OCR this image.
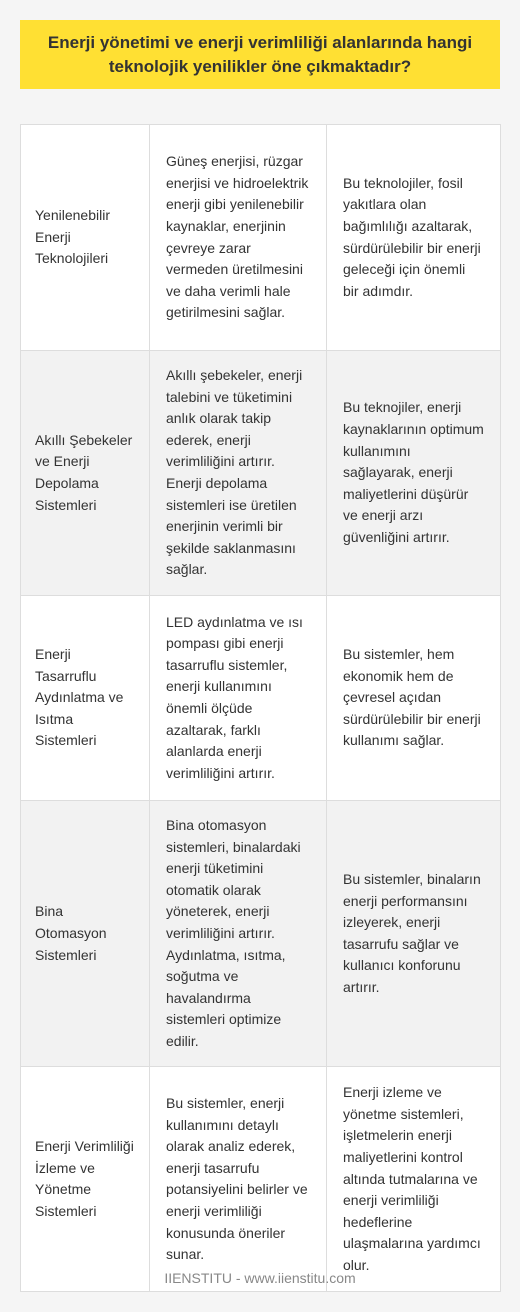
Enerji yönetimi ve enerji verimliliği alanlarında hangi teknolojik yenilikler öne çıkmaktadır?
Yenilenebilir Enerji Teknolojileri	Güneş enerjisi, rüzgar enerjisi ve hidroelektrik enerji gibi yenilenebilir kaynaklar, enerjinin çevreye zarar vermeden üretilmesini ve daha verimli hale getirilmesini sağlar.	Bu teknolojiler, fosil yakıtlara olan bağımlılığı azaltarak, sürdürülebilir bir enerji geleceği için önemli bir adımdır.
Akıllı Şebekeler ve Enerji Depolama Sistemleri	Akıllı şebekeler, enerji talebini ve tüketimini anlık olarak takip ederek, enerji verimliliğini artırır. Enerji depolama sistemleri ise üretilen enerjinin verimli bir şekilde saklanmasını sağlar.	Bu teknojiler, enerji kaynaklarının optimum kullanımını sağlayarak, enerji maliyetlerini düşürür ve enerji arzı güvenliğini artırır.
Enerji Tasarruflu Aydınlatma ve Isıtma Sistemleri	LED aydınlatma ve ısı pompası gibi enerji tasarruflu sistemler, enerji kullanımını önemli ölçüde azaltarak, farklı alanlarda enerji verimliliğini artırır.	Bu sistemler, hem ekonomik hem de çevresel açıdan sürdürülebilir bir enerji kullanımı sağlar.
Bina Otomasyon Sistemleri	Bina otomasyon sistemleri, binalardaki enerji tüketimini otomatik olarak yöneterek, enerji verimliliğini artırır. Aydınlatma, ısıtma, soğutma ve havalandırma sistemleri optimize edilir.	Bu sistemler, binaların enerji performansını izleyerek, enerji tasarrufu sağlar ve kullanıcı konforunu artırır.
Enerji Verimliliği İzleme ve Yönetme Sistemleri	Bu sistemler, enerji kullanımını detaylı olarak analiz ederek, enerji tasarrufu potansiyelini belirler ve enerji verimliliği konusunda öneriler sunar.	Enerji izleme ve yönetme sistemleri, işletmelerin enerji maliyetlerini kontrol altında tutmalarına ve enerji verimliliği hedeflerine ulaşmalarına yardımcı olur.
IIENSTITU - www.iienstitu.com
